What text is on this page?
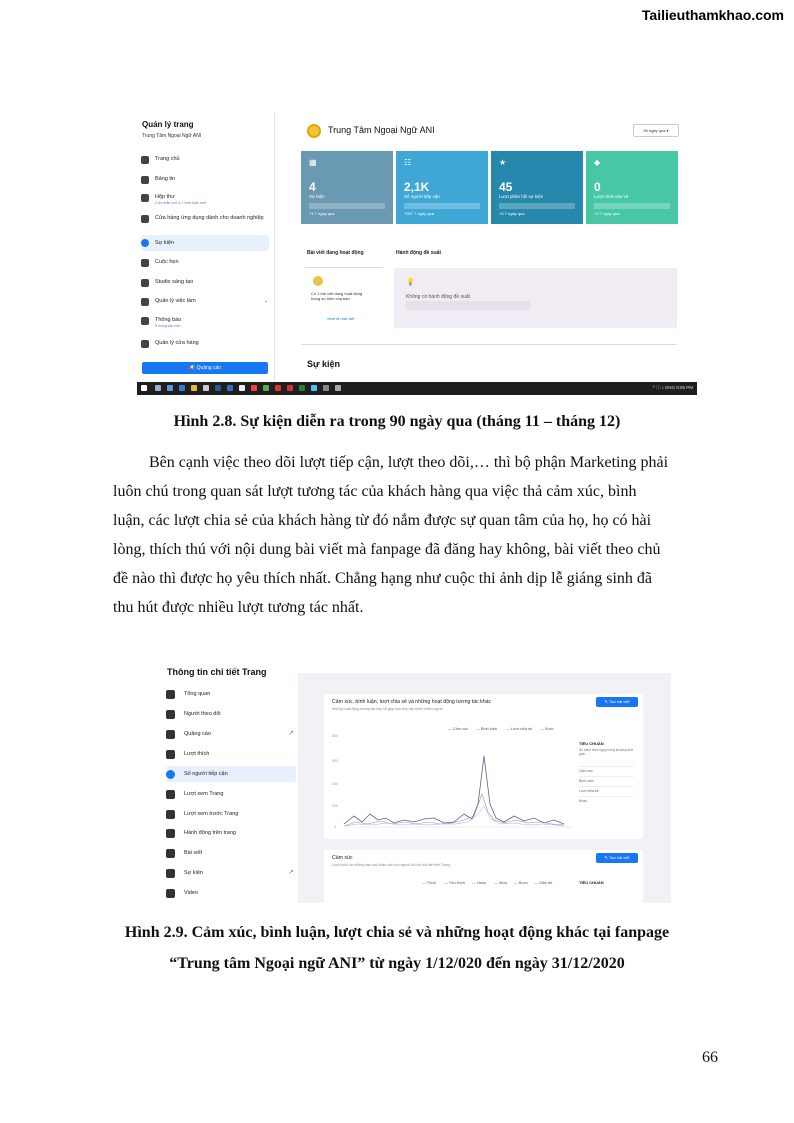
Tailieuthamkhao.com
Quản lý trang
Trung Tâm Ngoại Ngữ ANI
Trang chủ
Bảng tin
Hộp thư
2 tin nhắn mới & 7 bình luận mới
Cửa hàng ứng dụng dành cho doanh nghiệp
Sự kiện
Cuộc hẹn
Studio sáng tạo
Quản lý việc làm	⌄
Thông báo
5 thông báo mới
Quản lý cửa hàng
📢 Quảng cáo
Trung Tâm Ngoại Ngữ ANI	90 ngày qua ▾
▦
4
Sự kiện
+1 7 ngày qua
☷
2,1K
Số người tiếp cận
+937 7 ngày qua
★
45
Lượt phản hồi sự kiện
+5 7 ngày qua
◆
0
Lượt click vào vé
+0 7 ngày qua
Bài viết đang hoạt động	Hành động đề xuất
Có 1 bài viết đang hoạt động trong sự kiện của bạn
Xem tin bài viết
💡
Không có hành động đề xuất
Sự kiện
^ ⓘ ♪ ENG 8:05 PM
Hình 2.8. Sự kiện diễn ra trong 90 ngày qua (tháng 11 – tháng 12)
Bên cạnh việc theo dõi lượt tiếp cận, lượt theo dõi,… thì bộ phận Marketing phải
luôn chú trong quan sát lượt tương tác của khách hàng qua việc thả cảm xúc, bình
luận, các lượt chia sẻ của khách hàng từ đó nắm được sự quan tâm của họ, họ có hài
lòng, thích thú với nội dung bài viết mà fanpage đã đăng hay không, bài viết theo chủ
đề nào thì được họ yêu thích nhất. Chẳng hạng như cuộc thi ảnh dịp lễ giáng sinh đã
thu hút được nhiều lượt tương tác nhất.
Thông tin chi tiết Trang
Tổng quan
Người theo dõi
Quảng cáo	↗
Lượt thích
Số người tiếp cận
Lượt xem Trang
Lượt xem trước Trang
Hành động trên trang
Bài viết
Sự kiện	↗
Video
Cảm xúc, bình luận, lượt chia sẻ và những hoạt động tương tác khác
Những hoạt động tương tác này sẽ giúp bạn tiếp cận thêm nhiều người
✎ Tạo bài viết
— Cảm xúc — Bình luận — Lượt chia sẻ — Khác
800
600
400
200
0
TIÊU CHUẨN
So sánh theo ngày trong khoảng thời gian
Cảm xúc
Bình luận
Lượt chia sẻ
Khác
Cảm xúc
Lượt thích và những cảm xúc khác của mọi người đối với bài viết trên Trang
✎ Tạo bài viết
— Thích — Yêu thích — Haha — Wow — Buồn — Giận dữ	TIÊU CHUẨN
Hình 2.9. Cảm xúc, bình luận, lượt chia sẻ và những hoạt động khác tại fanpage
“Trung tâm Ngoại ngữ ANI” từ ngày 1/12/020 đến ngày 31/12/2020
66
